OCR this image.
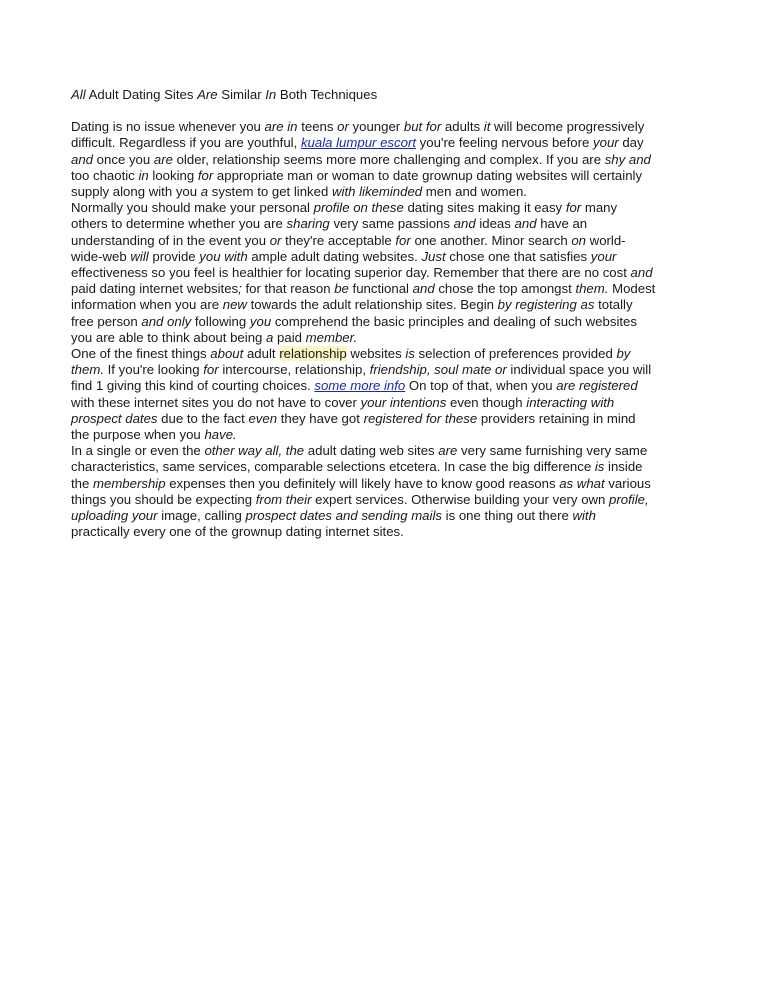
All Adult Dating Sites Are Similar In Both Techniques
Dating is no issue whenever you are in teens or younger but for adults it will become progressively
difficult. Regardless if you are youthful, kuala lumpur escort you're feeling nervous before your day
and once you are older, relationship seems more more challenging and complex. If you are shy and
too chaotic in looking for appropriate man or woman to date grownup dating websites will certainly
supply along with you a system to get linked with likeminded men and women.
Normally you should make your personal profile on these dating sites making it easy for many
others to determine whether you are sharing very same passions and ideas and have an
understanding of in the event you or they're acceptable for one another. Minor search on world-
wide-web will provide you with ample adult dating websites. Just chose one that satisfies your
effectiveness so you feel is healthier for locating superior day. Remember that there are no cost and
paid dating internet websites; for that reason be functional and chose the top amongst them. Modest
information when you are new towards the adult relationship sites. Begin by registering as totally
free person and only following you comprehend the basic principles and dealing of such websites
you are able to think about being a paid member.
One of the finest things about adult relationship websites is selection of preferences provided by
them. If you're looking for intercourse, relationship, friendship, soul mate or individual space you will
find 1 giving this kind of courting choices. some more info On top of that, when you are registered
with these internet sites you do not have to cover your intentions even though interacting with
prospect dates due to the fact even they have got registered for these providers retaining in mind
the purpose when you have.
In a single or even the other way all, the adult dating web sites are very same furnishing very same
characteristics, same services, comparable selections etcetera. In case the big difference is inside
the membership expenses then you definitely will likely have to know good reasons as what various
things you should be expecting from their expert services. Otherwise building your very own profile,
uploading your image, calling prospect dates and sending mails is one thing out there with
practically every one of the grownup dating internet sites.
